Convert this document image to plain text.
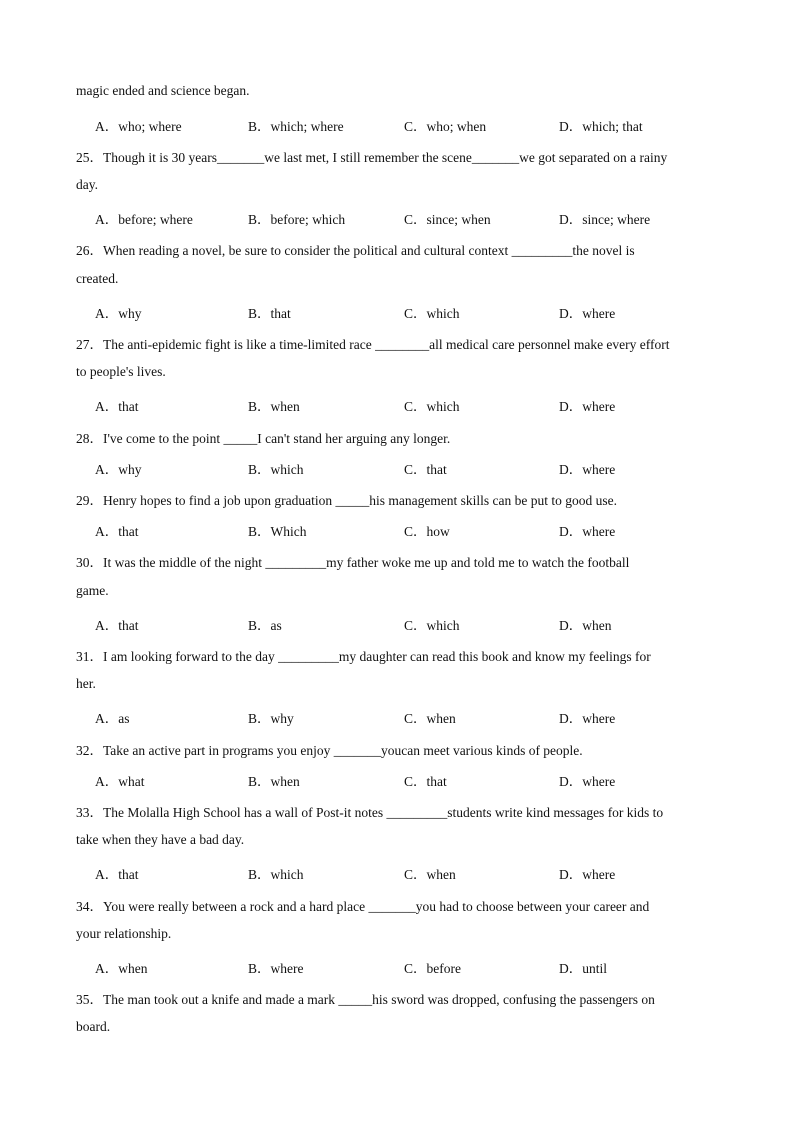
magic ended and science began.
A．who; where	B．which; where	C．who; when	D．which; that
25．Though it is 30 years_______we last met, I still remember the scene_______we got separated on a rainy
day.
A．before; where	B．before; which	C．since; when	D．since; where
26．When reading a novel, be sure to consider the political and cultural context _________the novel is
created.
A．why	B．that	C．which	D．where
27．The anti-epidemic fight is like a time-limited race ________all medical care personnel make every effort
to people's lives.
A．that	B．when	C．which	D．where
28．I've come to the point _____I can't stand her arguing any longer.
A．why	B．which	C．that	D．where
29．Henry hopes to find a job upon graduation _____his management skills can be put to good use.
A．that	B．Which	C．how	D．where
30．It was the middle of the night _________my father woke me up and told me to watch the football
game.
A．that	B．as	C．which	D．when
31．I am looking forward to the day _________my daughter can read this book and know my feelings for
her.
A．as	B．why	C．when	D．where
32．Take an active part in programs you enjoy _______youcan meet various kinds of people.
A．what	B．when	C．that	D．where
33．The Molalla High School has a wall of Post-it notes _________students write kind messages for kids to
take when they have a bad day.
A．that	B．which	C．when	D．where
34．You were really between a rock and a hard place _______you had to choose between your career and
your relationship.
A．when	B．where	C．before	D．until
35．The man took out a knife and made a mark _____his sword was dropped, confusing the passengers on
board.
